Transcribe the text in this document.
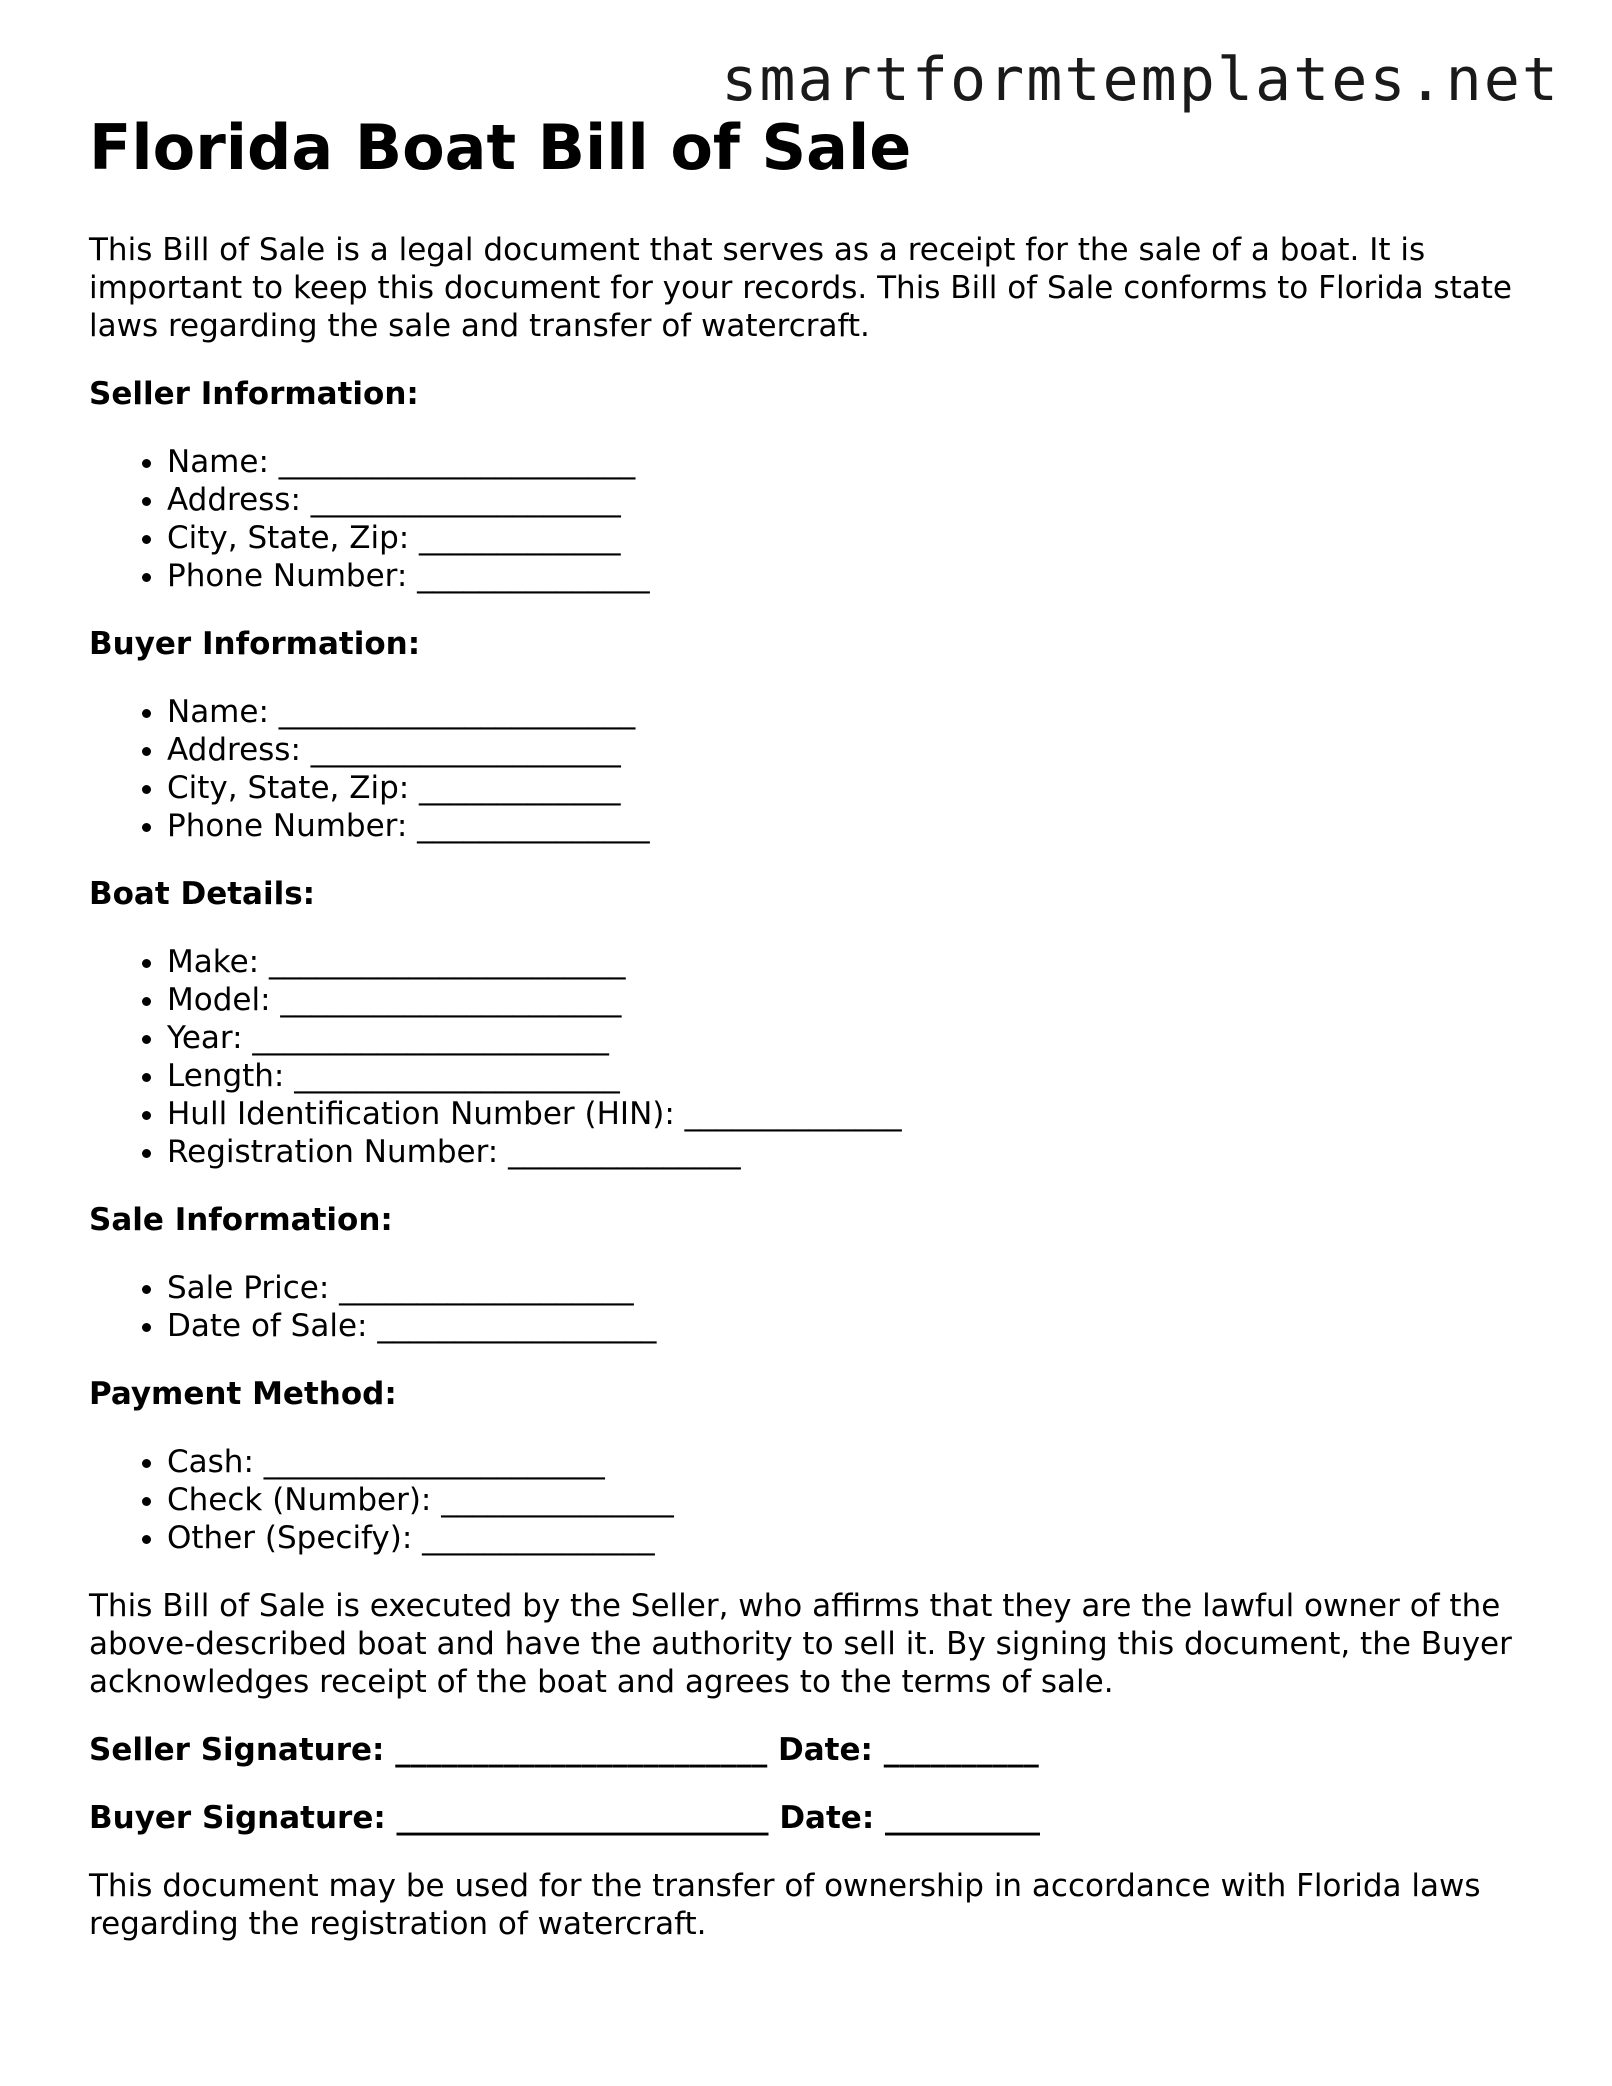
smartformtemplates.net
Florida Boat Bill of Sale

This Bill of Sale is a legal document that serves as a receipt for the sale of a boat. It is important to keep this document for your records. This Bill of Sale conforms to Florida state laws regarding the sale and transfer of watercraft.

Seller Information:
• Name: _______________________
• Address: ____________________
• City, State, Zip: _____________
• Phone Number: _______________
Buyer Information:
• Name: _______________________
• Address: ____________________
• City, State, Zip: _____________
• Phone Number: _______________
Boat Details:
• Make: _______________________
• Model: ______________________
• Year: _______________________
• Length: _____________________
• Hull Identification Number (HIN): ______________
• Registration Number: _______________
Sale Information:
• Sale Price: ___________________
• Date of Sale: __________________
Payment Method:
• Cash: ______________________
• Check (Number): _______________
• Other (Specify): _______________

This Bill of Sale is executed by the Seller, who affirms that they are the lawful owner of the above-described boat and have the authority to sell it. By signing this document, the Buyer acknowledges receipt of the boat and agrees to the terms of sale.

Seller Signature: ________________________ Date: __________
Buyer Signature: ________________________ Date: __________

This document may be used for the transfer of ownership in accordance with Florida laws regarding the registration of watercraft.
